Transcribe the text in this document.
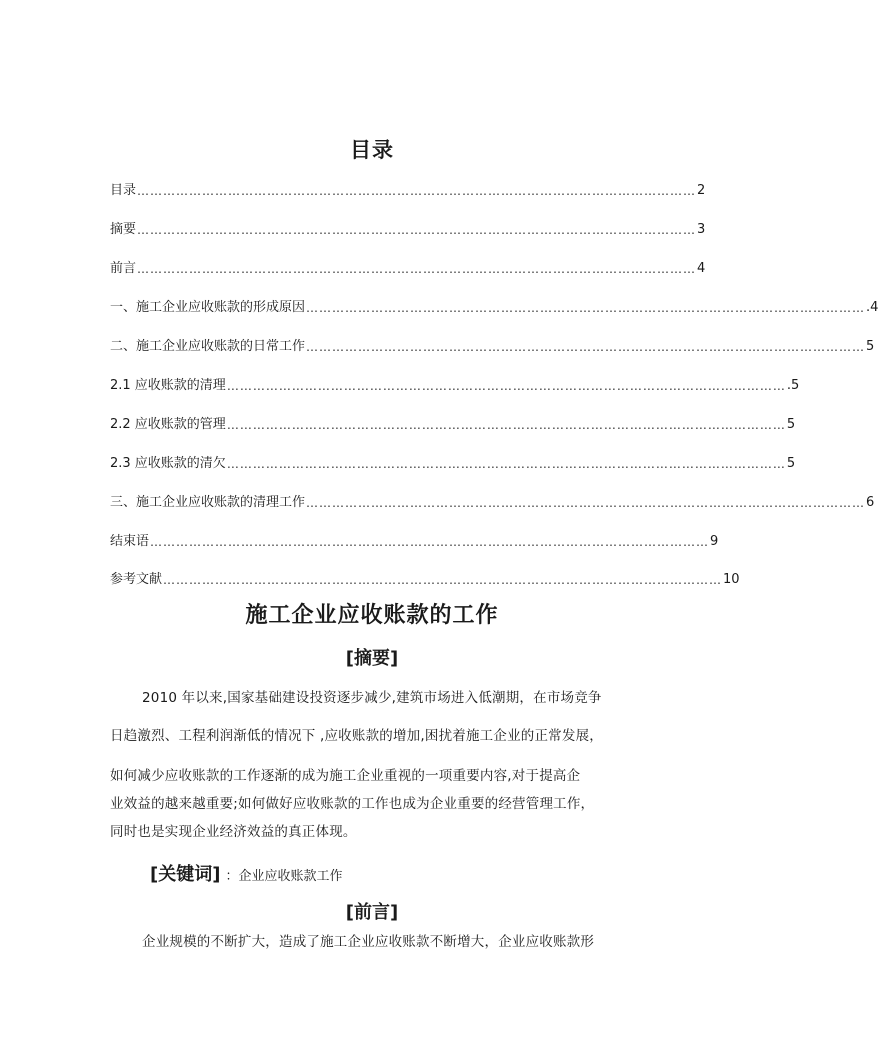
目录
目录 ………………………………………………………………………………………………………………… 2
摘要 ………………………………………………………………………………………………………………… 3
前言 ………………………………………………………………………………………………………………… 4
一、施工企业应收账款的形成原因 ………………………………………………………………………………………………………………… .4
二、施工企业应收账款的日常工作 ………………………………………………………………………………………………………………… 5
2.1 应收账款的清理 ………………………………………………………………………………………………………………… .5
2.2 应收账款的管理 ………………………………………………………………………………………………………………… 5
2.3 应收账款的清欠 ………………………………………………………………………………………………………………… 5
三、施工企业应收账款的清理工作 ………………………………………………………………………………………………………………… 6
结束语 ………………………………………………………………………………………………………………… 9
参考文献 ………………………………………………………………………………………………………………… 10
施工企业应收账款的工作
[摘要]
2010 年以来,国家基础建设投资逐步减少,建筑市场进入低潮期，在市场竞争
日趋激烈、工程利润渐低的情况下 ,应收账款的增加,困扰着施工企业的正常发展，
如何减少应收账款的工作逐渐的成为施工企业重视的一项重要内容,对于提高企
业效益的越来越重要;如何做好应收账款的工作也成为企业重要的经营管理工作，
同时也是实现企业经济效益的真正体现。
[关键词] ：企业应收账款工作
[前言]
企业规模的不断扩大，造成了施工企业应收账款不断增大，企业应收账款形
